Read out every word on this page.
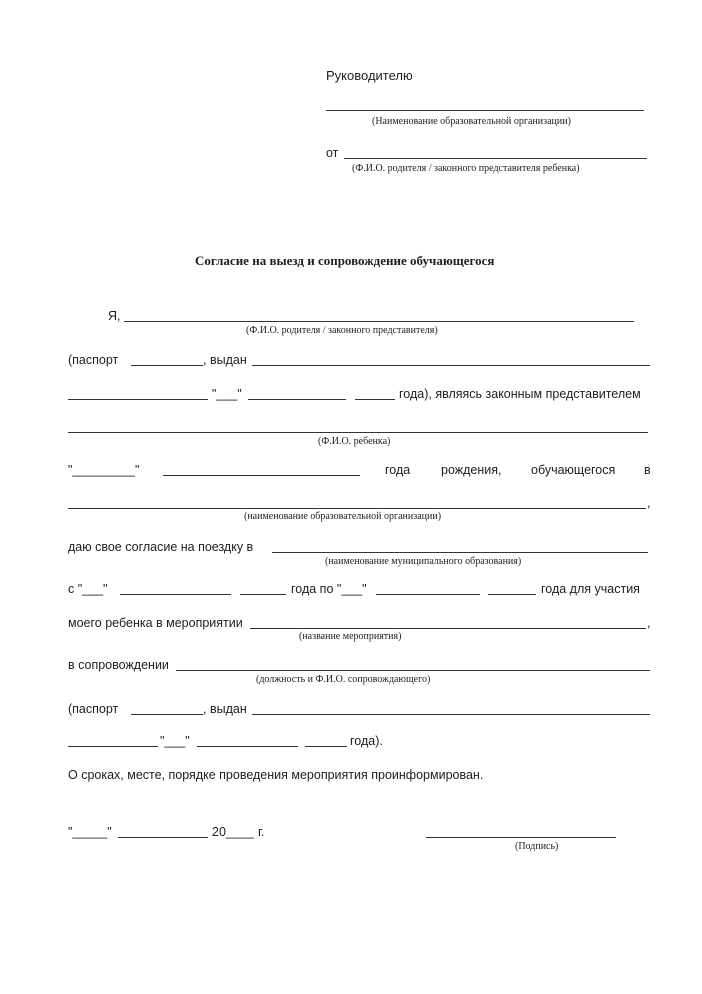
Руководителю
(Наименование образовательной организации)
от
(Ф.И.О. родителя / законного представителя ребенка)
Согласие на выезд и сопровождение обучающегося
Я,
(Ф.И.О. родителя / законного представителя)
(паспорт	, выдан
"___"	года), являясь законным представителем
(Ф.И.О. ребенка)
"_________"	года рождения, обучающегося в
,
(наименование образовательной организации)
даю свое согласие на поездку в
(наименование муниципального образования)
с "___"	года по "___"	года для участия
моего ребенка в мероприятии	,
(название мероприятия)
в сопровождении
(должность и Ф.И.О. сопровождающего)
(паспорт	, выдан
"___"	года).
О сроках, месте, порядке проведения мероприятия проинформирован.
"_____"	20____ г.
(Подпись)
